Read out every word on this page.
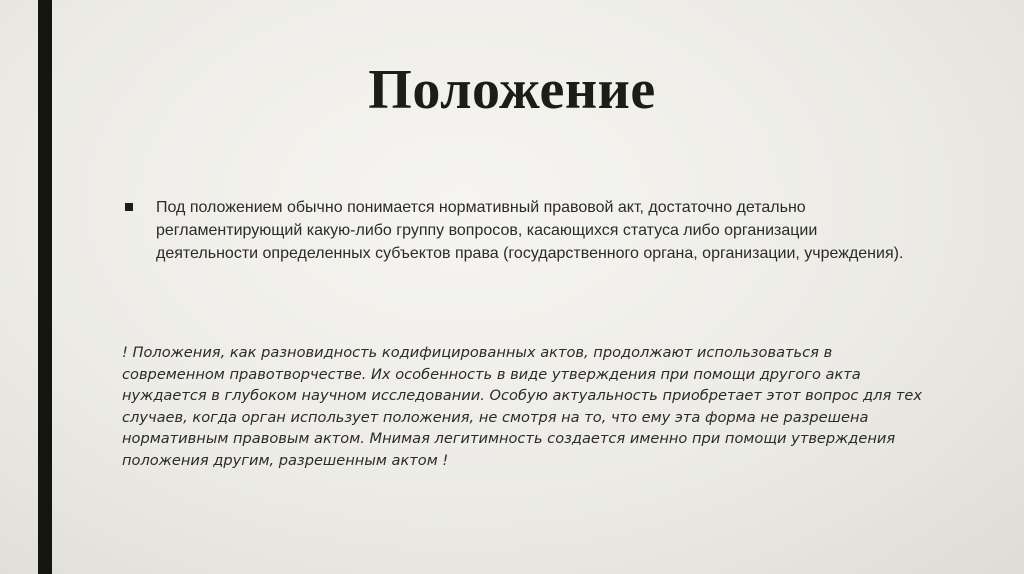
Положение
Под положением обычно понимается нормативный правовой акт, достаточно детально регламентирующий какую-либо группу вопросов, касающихся статуса либо организации деятельности определенных субъектов права (государственного органа, организации, учреждения).
! Положения, как разновидность кодифицированных актов, продолжают использоваться в современном правотворчестве. Их особенность в виде утверждения при помощи другого акта нуждается в глубоком научном исследовании. Особую актуальность приобретает этот вопрос для тех случаев, когда орган использует положения, не смотря на то, что ему эта форма не разрешена нормативным правовым актом. Мнимая легитимность создается именно при помощи утверждения положения другим, разрешенным актом !
